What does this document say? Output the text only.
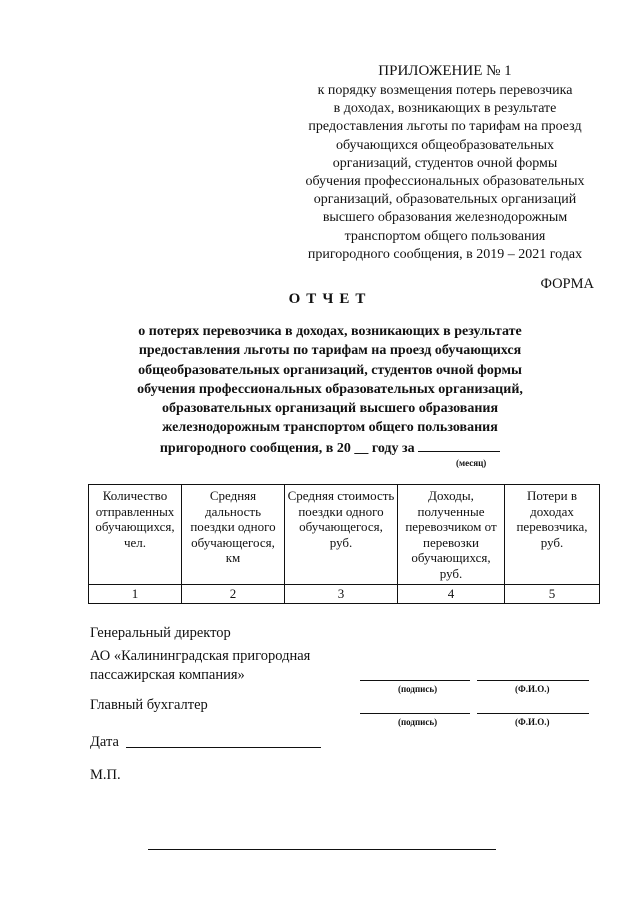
ПРИЛОЖЕНИЕ № 1
к порядку возмещения потерь перевозчика
в доходах, возникающих в результате
предоставления льготы по тарифам на проезд
обучающихся общеобразовательных
организаций, студентов очной формы
обучения профессиональных образовательных
организаций, образовательных организаций
высшего образования железнодорожным
транспортом общего пользования
пригородного сообщения, в 2019 – 2021 годах
ФОРМА
ОТЧЕТ
о потерях перевозчика в доходах, возникающих в результате
предоставления льготы по тарифам на проезд обучающихся
общеобразовательных организаций, студентов очной формы
обучения профессиональных образовательных организаций,
образовательных организаций высшего образования
железнодорожным транспортом общего пользования
пригородного сообщения, в 20 __ году за
(месяц)
Количество отправленных обучающихся, чел.	Средняя дальность поездки одного обучающегося, км	Средняя стоимость поездки одного обучающегося, руб.	Доходы, полученные перевозчиком от перевозки обучающихся, руб.	Потери в доходах перевозчика, руб.
1	2	3	4	5
Генеральный директор
АО «Калининградская пригородная
пассажирская компания»
(подпись)	(Ф.И.О.)
Главный бухгалтер
(подпись)	(Ф.И.О.)
Дата
М.П.
